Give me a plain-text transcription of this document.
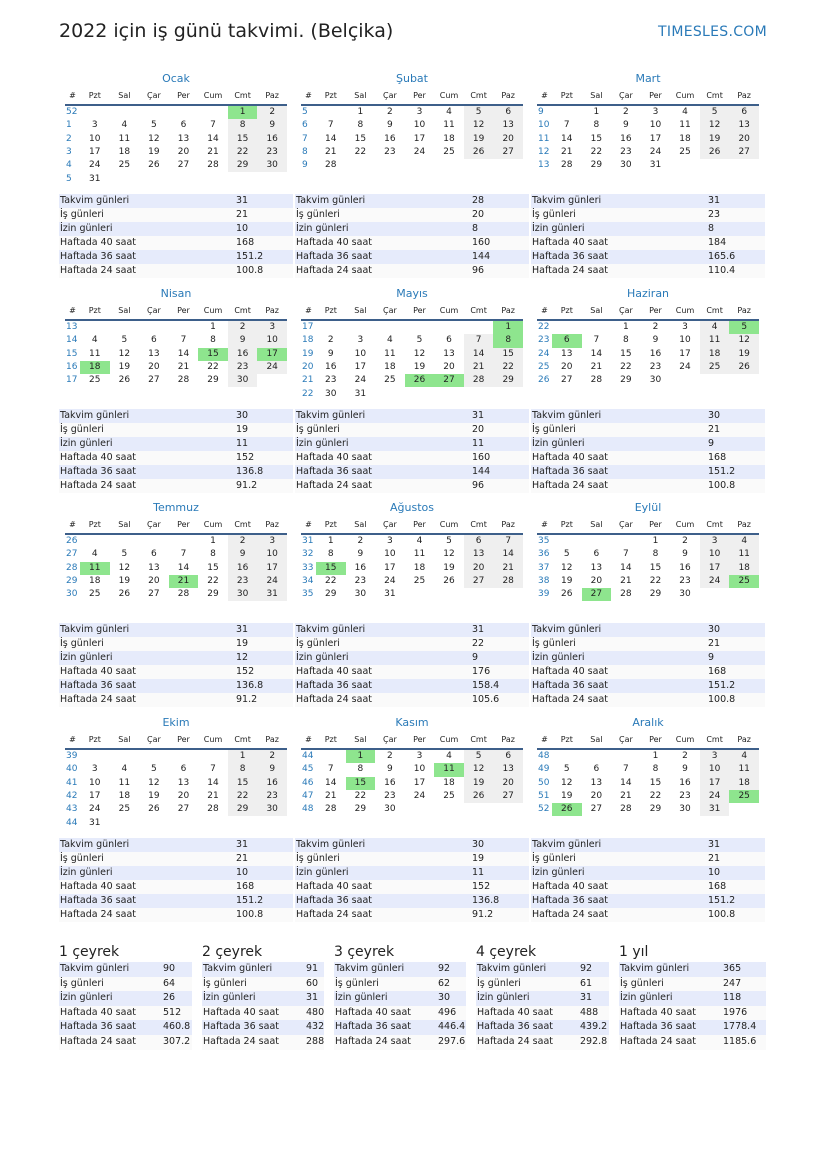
2022 için iş günü takvimi. (Belçika)	TIMESLES.COM
Ocak
#	Pzt	Sal	Çar	Per	Cum	Cmt	Paz
52						1	2
1	3	4	5	6	7	8	9
2	10	11	12	13	14	15	16
3	17	18	19	20	21	22	23
4	24	25	26	27	28	29	30
5	31						
Takvim günleri	31
İş günleri	21
İzin günleri	10
Haftada 40 saat	168
Haftada 36 saat	151.2
Haftada 24 saat	100.8
Şubat
#	Pzt	Sal	Çar	Per	Cum	Cmt	Paz
5		1	2	3	4	5	6
6	7	8	9	10	11	12	13
7	14	15	16	17	18	19	20
8	21	22	23	24	25	26	27
9	28						
Takvim günleri	28
İş günleri	20
İzin günleri	8
Haftada 40 saat	160
Haftada 36 saat	144
Haftada 24 saat	96
Mart
#	Pzt	Sal	Çar	Per	Cum	Cmt	Paz
9		1	2	3	4	5	6
10	7	8	9	10	11	12	13
11	14	15	16	17	18	19	20
12	21	22	23	24	25	26	27
13	28	29	30	31			
Takvim günleri	31
İş günleri	23
İzin günleri	8
Haftada 40 saat	184
Haftada 36 saat	165.6
Haftada 24 saat	110.4
Nisan
#	Pzt	Sal	Çar	Per	Cum	Cmt	Paz
13					1	2	3
14	4	5	6	7	8	9	10
15	11	12	13	14	15	16	17
16	18	19	20	21	22	23	24
17	25	26	27	28	29	30	
Takvim günleri	30
İş günleri	19
İzin günleri	11
Haftada 40 saat	152
Haftada 36 saat	136.8
Haftada 24 saat	91.2
Mayıs
#	Pzt	Sal	Çar	Per	Cum	Cmt	Paz
17							1
18	2	3	4	5	6	7	8
19	9	10	11	12	13	14	15
20	16	17	18	19	20	21	22
21	23	24	25	26	27	28	29
22	30	31					
Takvim günleri	31
İş günleri	20
İzin günleri	11
Haftada 40 saat	160
Haftada 36 saat	144
Haftada 24 saat	96
Haziran
#	Pzt	Sal	Çar	Per	Cum	Cmt	Paz
22			1	2	3	4	5
23	6	7	8	9	10	11	12
24	13	14	15	16	17	18	19
25	20	21	22	23	24	25	26
26	27	28	29	30			
Takvim günleri	30
İş günleri	21
İzin günleri	9
Haftada 40 saat	168
Haftada 36 saat	151.2
Haftada 24 saat	100.8
Temmuz
#	Pzt	Sal	Çar	Per	Cum	Cmt	Paz
26					1	2	3
27	4	5	6	7	8	9	10
28	11	12	13	14	15	16	17
29	18	19	20	21	22	23	24
30	25	26	27	28	29	30	31
Takvim günleri	31
İş günleri	19
İzin günleri	12
Haftada 40 saat	152
Haftada 36 saat	136.8
Haftada 24 saat	91.2
Ağustos
#	Pzt	Sal	Çar	Per	Cum	Cmt	Paz
31	1	2	3	4	5	6	7
32	8	9	10	11	12	13	14
33	15	16	17	18	19	20	21
34	22	23	24	25	26	27	28
35	29	30	31				
Takvim günleri	31
İş günleri	22
İzin günleri	9
Haftada 40 saat	176
Haftada 36 saat	158.4
Haftada 24 saat	105.6
Eylül
#	Pzt	Sal	Çar	Per	Cum	Cmt	Paz
35				1	2	3	4
36	5	6	7	8	9	10	11
37	12	13	14	15	16	17	18
38	19	20	21	22	23	24	25
39	26	27	28	29	30		
Takvim günleri	30
İş günleri	21
İzin günleri	9
Haftada 40 saat	168
Haftada 36 saat	151.2
Haftada 24 saat	100.8
Ekim
#	Pzt	Sal	Çar	Per	Cum	Cmt	Paz
39						1	2
40	3	4	5	6	7	8	9
41	10	11	12	13	14	15	16
42	17	18	19	20	21	22	23
43	24	25	26	27	28	29	30
44	31						
Takvim günleri	31
İş günleri	21
İzin günleri	10
Haftada 40 saat	168
Haftada 36 saat	151.2
Haftada 24 saat	100.8
Kasım
#	Pzt	Sal	Çar	Per	Cum	Cmt	Paz
44		1	2	3	4	5	6
45	7	8	9	10	11	12	13
46	14	15	16	17	18	19	20
47	21	22	23	24	25	26	27
48	28	29	30				
Takvim günleri	30
İş günleri	19
İzin günleri	11
Haftada 40 saat	152
Haftada 36 saat	136.8
Haftada 24 saat	91.2
Aralık
#	Pzt	Sal	Çar	Per	Cum	Cmt	Paz
48				1	2	3	4
49	5	6	7	8	9	10	11
50	12	13	14	15	16	17	18
51	19	20	21	22	23	24	25
52	26	27	28	29	30	31	
Takvim günleri	31
İş günleri	21
İzin günleri	10
Haftada 40 saat	168
Haftada 36 saat	151.2
Haftada 24 saat	100.8
1 çeyrek
Takvim günleri	90
İş günleri	64
İzin günleri	26
Haftada 40 saat	512
Haftada 36 saat	460.8
Haftada 24 saat	307.2
2 çeyrek
Takvim günleri	91
İş günleri	60
İzin günleri	31
Haftada 40 saat	480
Haftada 36 saat	432
Haftada 24 saat	288
3 çeyrek
Takvim günleri	92
İş günleri	62
İzin günleri	30
Haftada 40 saat	496
Haftada 36 saat	446.4
Haftada 24 saat	297.6
4 çeyrek
Takvim günleri	92
İş günleri	61
İzin günleri	31
Haftada 40 saat	488
Haftada 36 saat	439.2
Haftada 24 saat	292.8
1 yıl
Takvim günleri	365
İş günleri	247
İzin günleri	118
Haftada 40 saat	1976
Haftada 36 saat	1778.4
Haftada 24 saat	1185.6
